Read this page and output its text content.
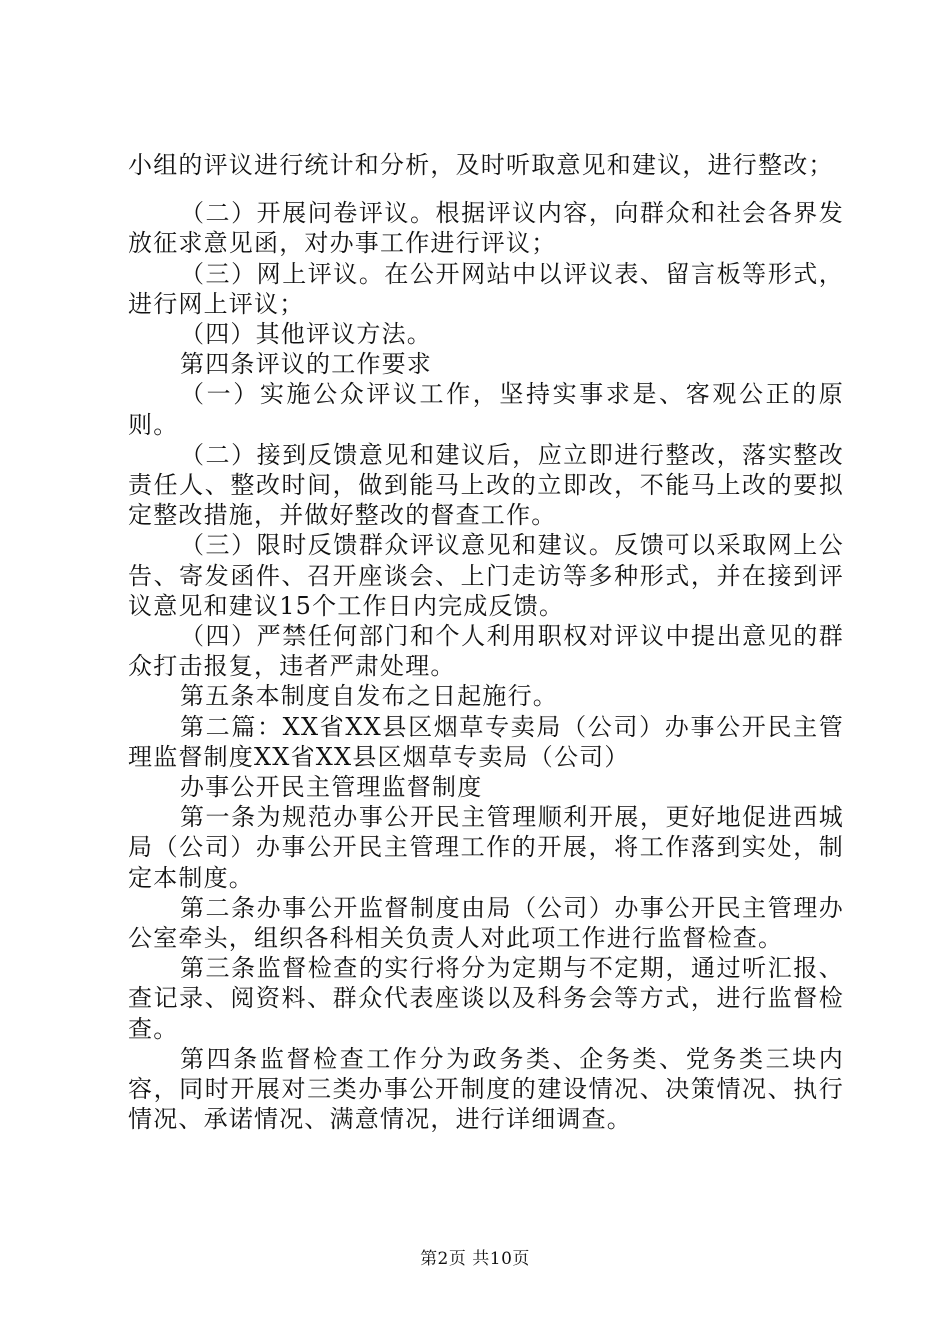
小组的评议进行统计和分析，及时听取意见和建议，进行整改；

（二）开展问卷评议。根据评议内容，向群众和社会各界发放征求意见函，对办事工作进行评议；

（三）网上评议。在公开网站中以评议表、留言板等形式，进行网上评议；

（四）其他评议方法。

第四条评议的工作要求

（一）实施公众评议工作，坚持实事求是、客观公正的原则。

（二）接到反馈意见和建议后，应立即进行整改，落实整改责任人、整改时间，做到能马上改的立即改，不能马上改的要拟定整改措施，并做好整改的督查工作。

（三）限时反馈群众评议意见和建议。反馈可以采取网上公告、寄发函件、召开座谈会、上门走访等多种形式，并在接到评议意见和建议15个工作日内完成反馈。

（四）严禁任何部门和个人利用职权对评议中提出意见的群众打击报复，违者严肃处理。

第五条本制度自发布之日起施行。

第二篇：XX省XX县区烟草专卖局（公司）办事公开民主管理监督制度XX省XX县区烟草专卖局（公司）

办事公开民主管理监督制度

第一条为规范办事公开民主管理顺利开展，更好地促进西城局（公司）办事公开民主管理工作的开展，将工作落到实处，制定本制度。

第二条办事公开监督制度由局（公司）办事公开民主管理办公室牵头，组织各科相关负责人对此项工作进行监督检查。

第三条监督检查的实行将分为定期与不定期，通过听汇报、查记录、阅资料、群众代表座谈以及科务会等方式，进行监督检查。

第四条监督检查工作分为政务类、企务类、党务类三块内容，同时开展对三类办事公开制度的建设情况、决策情况、执行情况、承诺情况、满意情况，进行详细调查。

第2页 共10页
